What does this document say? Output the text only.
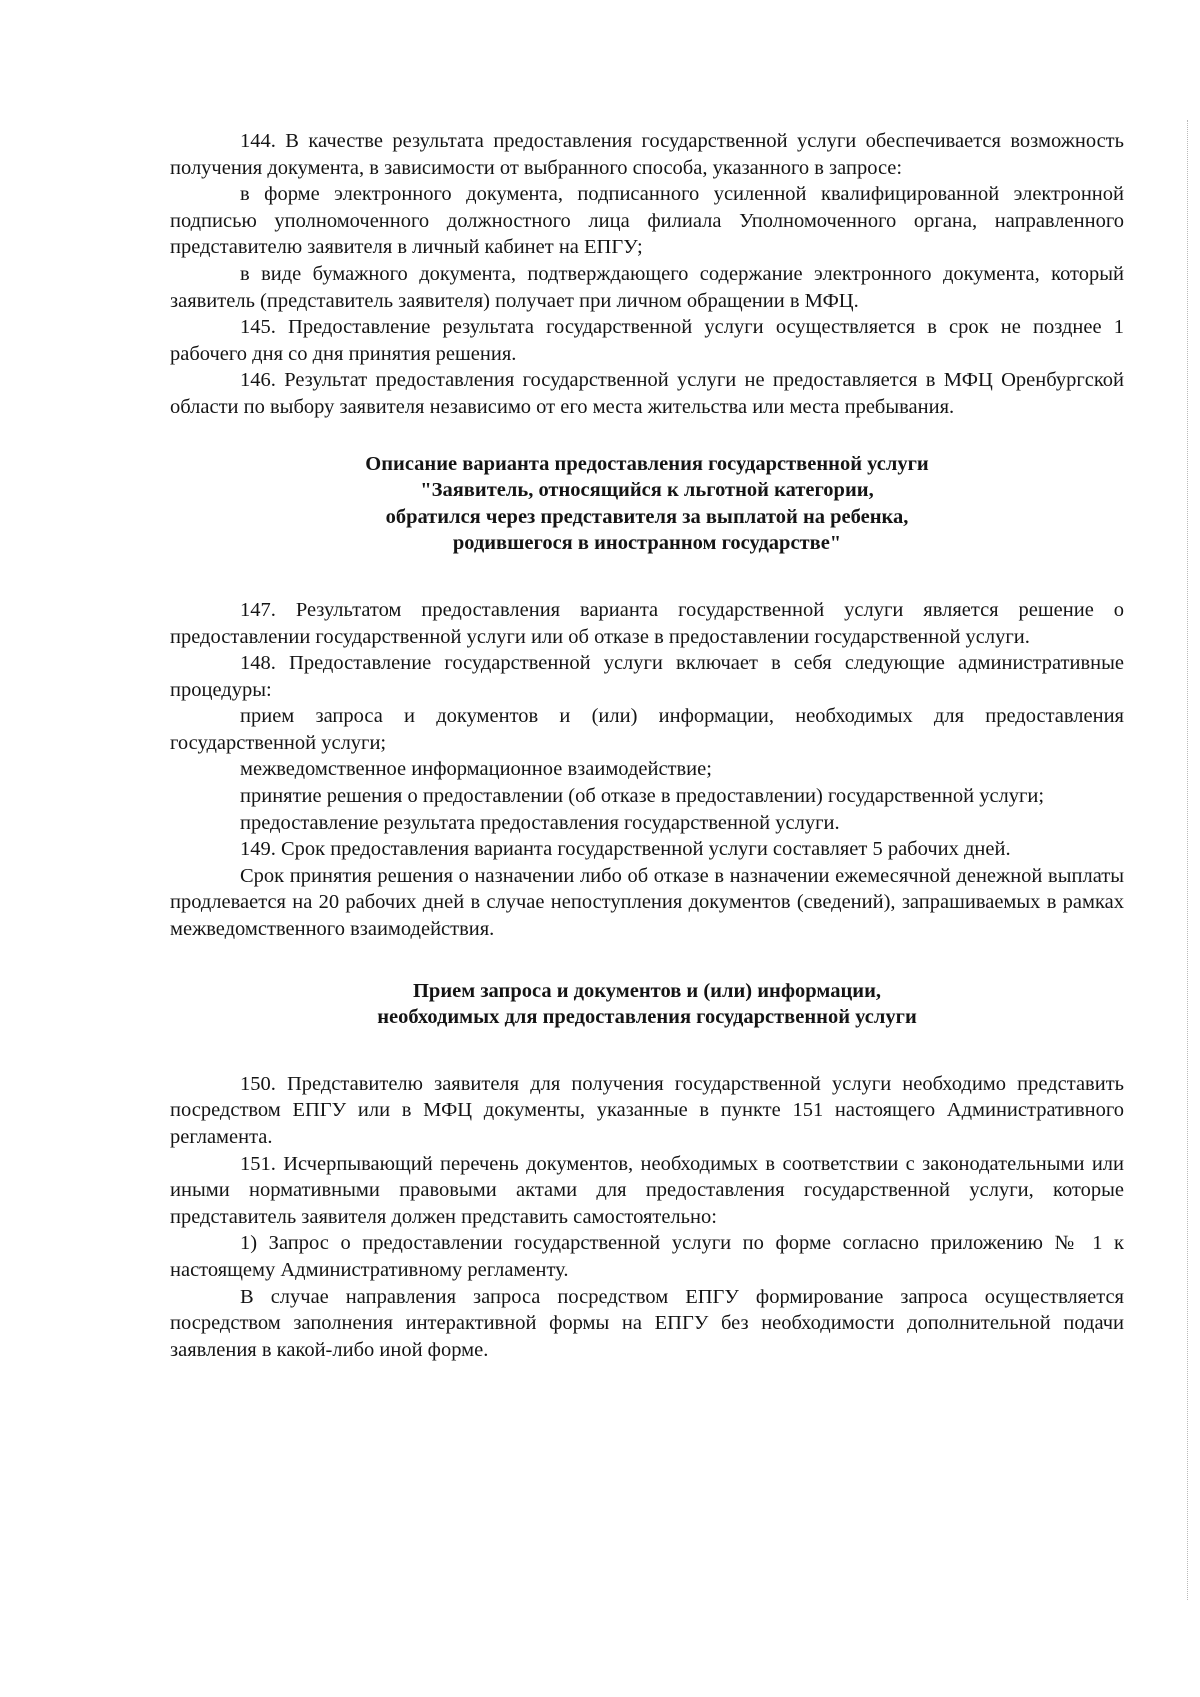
144. В качестве результата предоставления государственной услуги обеспечивается возможность получения документа, в зависимости от выбранного способа, указанного в запросе:

в форме электронного документа, подписанного усиленной квалифицированной электронной подписью уполномоченного должностного лица филиала Уполномоченного органа, направленного представителю заявителя в личный кабинет на ЕПГУ;

в виде бумажного документа, подтверждающего содержание электронного документа, который заявитель (представитель заявителя) получает при личном обращении в МФЦ.

145. Предоставление результата государственной услуги осуществляется в срок не позднее 1 рабочего дня со дня принятия решения.

146. Результат предоставления государственной услуги не предоставляется в МФЦ Оренбургской области по выбору заявителя независимо от его места жительства или места пребывания.

Описание варианта предоставления государственной услуги
"Заявитель, относящийся к льготной категории,
обратился через представителя за выплатой на ребенка,
родившегося в иностранном государстве"

147. Результатом предоставления варианта государственной услуги является решение о предоставлении государственной услуги или об отказе в предоставлении государственной услуги.

148. Предоставление государственной услуги включает в себя следующие административные процедуры:

прием запроса и документов и (или) информации, необходимых для предоставления государственной услуги;

межведомственное информационное взаимодействие;

принятие решения о предоставлении (об отказе в предоставлении) государственной услуги;

предоставление результата предоставления государственной услуги.

149. Срок предоставления варианта государственной услуги составляет 5 рабочих дней.

Срок принятия решения о назначении либо об отказе в назначении ежемесячной денежной выплаты продлевается на 20 рабочих дней в случае непоступления документов (сведений), запрашиваемых в рамках межведомственного взаимодействия.

Прием запроса и документов и (или) информации,
необходимых для предоставления государственной услуги

150. Представителю заявителя для получения государственной услуги необходимо представить посредством ЕПГУ или в МФЦ документы, указанные в пункте 151 настоящего Административного регламента.

151. Исчерпывающий перечень документов, необходимых в соответствии с законодательными или иными нормативными правовыми актами для предоставления государственной услуги, которые представитель заявителя должен представить самостоятельно:

1) Запрос о предоставлении государственной услуги по форме согласно приложению № 1 к настоящему Административному регламенту.

В случае направления запроса посредством ЕПГУ формирование запроса осуществляется посредством заполнения интерактивной формы на ЕПГУ без необходимости дополнительной подачи заявления в какой-либо иной форме.
